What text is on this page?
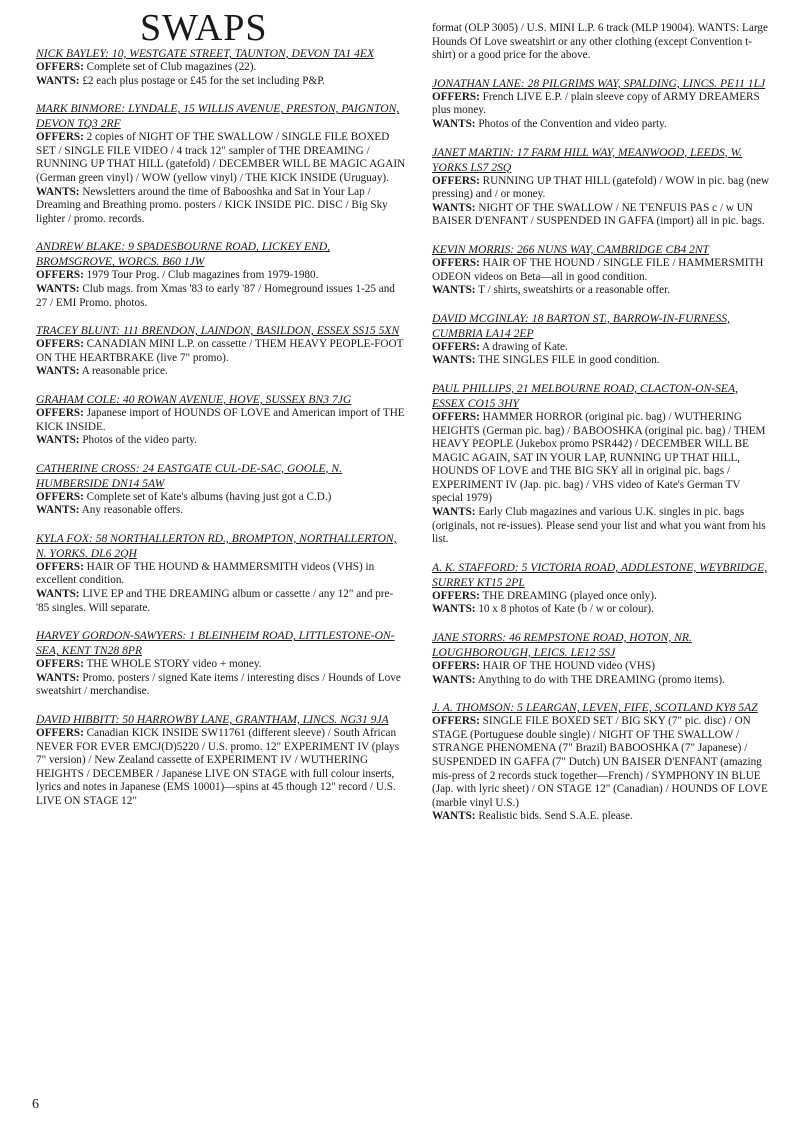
SWAPS
NICK BAYLEY: 10, WESTGATE STREET, TAUNTON, DEVON TA1 4EX
OFFERS: Complete set of Club magazines (22).
WANTS: £2 each plus postage or £45 for the set including P&P.
MARK BINMORE: LYNDALE, 15 WILLIS AVENUE, PRESTON, PAIGNTON, DEVON TQ3 2RF
OFFERS: 2 copies of NIGHT OF THE SWALLOW / SINGLE FILE BOXED SET / SINGLE FILE VIDEO / 4 track 12" sampler of THE DREAMING / RUNNING UP THAT HILL (gatefold) / DECEMBER WILL BE MAGIC AGAIN (German green vinyl) / WOW (yellow vinyl) / THE KICK INSIDE (Uruguay).
WANTS: Newsletters around the time of Babooshka and Sat in Your Lap / Dreaming and Breathing promo. posters / KICK INSIDE PIC. DISC / Big Sky lighter / promo. records.
ANDREW BLAKE: 9 SPADESBOURNE ROAD, LICKEY END, BROMSGROVE, WORCS. B60 1JW
OFFERS: 1979 Tour Prog. / Club magazines from 1979-1980.
WANTS: Club mags. from Xmas '83 to early '87 / Homeground issues 1-25 and 27 / EMI Promo. photos.
TRACEY BLUNT: 111 BRENDON, LAINDON, BASILDON, ESSEX SS15 5XN
OFFERS: CANADIAN MINI L.P. on cassette / THEM HEAVY PEOPLE-FOOT ON THE HEARTBRAKE (live 7" promo).
WANTS: A reasonable price.
GRAHAM COLE: 40 ROWAN AVENUE, HOVE, SUSSEX BN3 7JG
OFFERS: Japanese import of HOUNDS OF LOVE and American import of THE KICK INSIDE.
WANTS: Photos of the video party.
CATHERINE CROSS: 24 EASTGATE CUL-DE-SAC, GOOLE, N. HUMBERSIDE DN14 5AW
OFFERS: Complete set of Kate's albums (having just got a C.D.)
WANTS: Any reasonable offers.
KYLA FOX: 58 NORTHALLERTON RD., BROMPTON, NORTHALLERTON, N. YORKS. DL6 2QH
OFFERS: HAIR OF THE HOUND & HAMMERSMITH videos (VHS) in excellent condition.
WANTS: LIVE EP and THE DREAMING album or cassette / any 12" and pre-'85 singles. Will separate.
HARVEY GORDON-SAWYERS: 1 BLEINHEIM ROAD, LITTLESTONE-ON-SEA, KENT TN28 8PR
OFFERS: THE WHOLE STORY video + money.
WANTS: Promo. posters / signed Kate items / interesting discs / Hounds of Love sweatshirt / merchandise.
DAVID HIBBITT: 50 HARROWBY LANE, GRANTHAM, LINCS. NG31 9JA
OFFERS: Canadian KICK INSIDE SW11761 (different sleeve) / South African NEVER FOR EVER EMCJ(D)5220 / U.S. promo. 12" EXPERIMENT IV (plays 7" version) / New Zealand cassette of EXPERIMENT IV / WUTHERING HEIGHTS / DECEMBER / Japanese LIVE ON STAGE with full colour inserts, lyrics and notes in Japanese (EMS 10001)—spins at 45 though 12" record / U.S. LIVE ON STAGE 12"
format (OLP 3005) / U.S. MINI L.P. 6 track (MLP 19004). WANTS: Large Hounds Of Love sweatshirt or any other clothing (except Convention t-shirt) or a good price for the above.
JONATHAN LANE: 28 PILGRIMS WAY, SPALDING, LINCS. PE11 1LJ
OFFERS: French LIVE E.P. / plain sleeve copy of ARMY DREAMERS plus money.
WANTS: Photos of the Convention and video party.
JANET MARTIN: 17 FARM HILL WAY, MEANWOOD, LEEDS, W. YORKS LS7 2SQ
OFFERS: RUNNING UP THAT HILL (gatefold) / WOW in pic. bag (new pressing) and / or money.
WANTS: NIGHT OF THE SWALLOW / NE T'ENFUIS PAS c / w UN BAISER D'ENFANT / SUSPENDED IN GAFFA (import) all in pic. bags.
KEVIN MORRIS: 266 NUNS WAY, CAMBRIDGE CB4 2NT
OFFERS: HAIR OF THE HOUND / SINGLE FILE / HAMMERSMITH ODEON videos on Beta—all in good condition.
WANTS: T / shirts, sweatshirts or a reasonable offer.
DAVID MCGINLAY: 18 BARTON ST., BARROW-IN-FURNESS, CUMBRIA LA14 2EP
OFFERS: A drawing of Kate.
WANTS: THE SINGLES FILE in good condition.
PAUL PHILLIPS, 21 MELBOURNE ROAD, CLACTON-ON-SEA, ESSEX CO15 3HY
OFFERS: HAMMER HORROR (original pic. bag) / WUTHERING HEIGHTS (German pic. bag) / BABOOSHKA (original pic. bag) / THEM HEAVY PEOPLE (Jukebox promo PSR442) / DECEMBER WILL BE MAGIC AGAIN, SAT IN YOUR LAP, RUNNING UP THAT HILL, HOUNDS OF LOVE and THE BIG SKY all in original pic. bags / EXPERIMENT IV (Jap. pic. bag) / VHS video of Kate's German TV special 1979)
WANTS: Early Club magazines and various U.K. singles in pic. bags (originals, not re-issues). Please send your list and what you want from his list.
A. K. STAFFORD: 5 VICTORIA ROAD, ADDLESTONE, WEYBRIDGE, SURREY KT15 2PL
OFFERS: THE DREAMING (played once only).
WANTS: 10 x 8 photos of Kate (b / w or colour).
JANE STORRS: 46 REMPSTONE ROAD, HOTON, NR. LOUGHBOROUGH, LEICS. LE12 5SJ
OFFERS: HAIR OF THE HOUND video (VHS)
WANTS: Anything to do with THE DREAMING (promo items).
J. A. THOMSON: 5 LEARGAN, LEVEN, FIFE, SCOTLAND KY8 5AZ
OFFERS: SINGLE FILE BOXED SET / BIG SKY (7" pic. disc) / ON STAGE (Portuguese double single) / NIGHT OF THE SWALLOW / STRANGE PHENOMENA (7" Brazil) BABOOSHKA (7" Japanese) / SUSPENDED IN GAFFA (7" Dutch) UN BAISER D'ENFANT (amazing mis-press of 2 records stuck together—French) / SYMPHONY IN BLUE (Jap. with lyric sheet) / ON STAGE 12" (Canadian) / HOUNDS OF LOVE (marble vinyl U.S.)
WANTS: Realistic bids. Send S.A.E. please.
6
